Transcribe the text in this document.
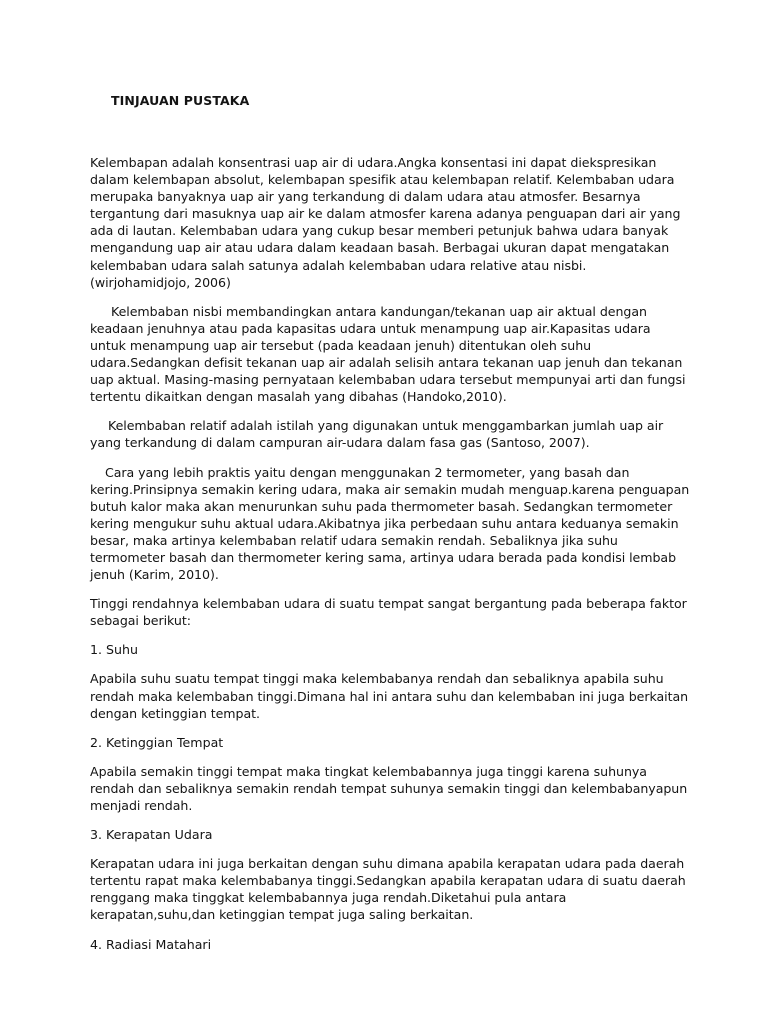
TINJAUAN PUSTAKA

Kelembapan adalah konsentrasi uap air di udara.Angka konsentasi ini dapat diekspresikan dalam kelembapan absolut, kelembapan spesifik atau kelembapan relatif. Kelembaban udara merupaka banyaknya uap air yang terkandung di dalam udara atau atmosfer. Besarnya tergantung dari masuknya uap air ke dalam atmosfer karena adanya penguapan dari air yang ada di lautan. Kelembaban udara yang cukup besar memberi petunjuk bahwa udara banyak mengandung uap air atau udara dalam keadaan basah. Berbagai ukuran dapat mengatakan kelembaban udara salah satunya adalah kelembaban udara relative atau nisbi. (wirjohamidjojo, 2006)

Kelembaban nisbi membandingkan antara kandungan/tekanan uap air aktual dengan keadaan jenuhnya atau pada kapasitas udara untuk menampung uap air.Kapasitas udara untuk menampung uap air tersebut (pada keadaan jenuh) ditentukan oleh suhu udara.Sedangkan defisit tekanan uap air adalah selisih antara tekanan uap jenuh dan tekanan uap aktual. Masing-masing pernyataan kelembaban udara tersebut mempunyai arti dan fungsi tertentu dikaitkan dengan masalah yang dibahas (Handoko,2010).

Kelembaban relatif adalah istilah yang digunakan untuk menggambarkan jumlah uap air yang terkandung di dalam campuran air-udara dalam fasa gas (Santoso, 2007).

Cara yang lebih praktis yaitu dengan menggunakan 2 termometer, yang basah dan kering.Prinsipnya semakin kering udara, maka air semakin mudah menguap.karena penguapan butuh kalor maka akan menurunkan suhu pada thermometer basah. Sedangkan termometer kering mengukur suhu aktual udara.Akibatnya jika perbedaan suhu antara keduanya semakin besar, maka artinya kelembaban relatif udara semakin rendah. Sebaliknya jika suhu termometer basah dan thermometer kering sama, artinya udara berada pada kondisi lembab jenuh (Karim, 2010).

Tinggi rendahnya kelembaban udara di suatu tempat sangat bergantung pada beberapa faktor sebagai berikut:

1. Suhu

Apabila suhu suatu tempat tinggi maka kelembabanya rendah dan sebaliknya apabila suhu rendah maka kelembaban tinggi.Dimana hal ini antara suhu dan kelembaban ini juga berkaitan dengan ketinggian tempat.

2. Ketinggian Tempat

Apabila semakin tinggi tempat maka tingkat kelembabannya juga tinggi karena suhunya rendah dan sebaliknya semakin rendah tempat suhunya semakin tinggi dan kelembabanyapun menjadi rendah.

3. Kerapatan Udara

Kerapatan udara ini juga berkaitan dengan suhu dimana apabila kerapatan udara pada daerah tertentu rapat maka kelembabanya tinggi.Sedangkan apabila kerapatan udara di suatu daerah renggang maka tinggkat kelembabannya juga rendah.Diketahui pula antara kerapatan,suhu,dan ketinggian tempat juga saling berkaitan.

4. Radiasi Matahari
